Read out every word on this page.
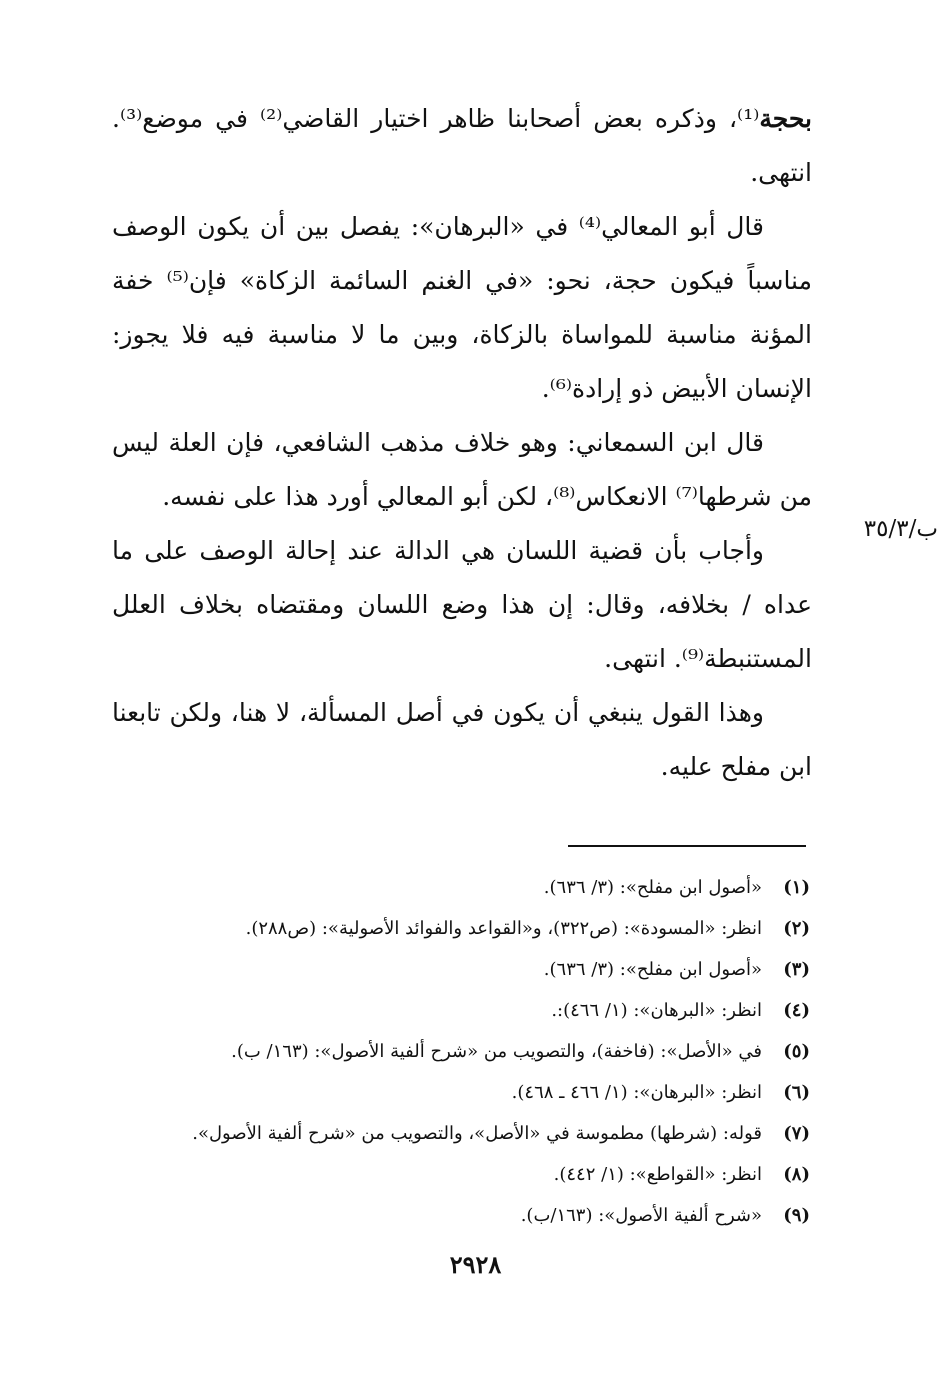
بحجة⁽¹⁾، وذكره بعض أصحابنا ظاهر اختيار القاضي⁽²⁾ في موضع⁽³⁾. انتهى.

قال أبو المعالي⁽⁴⁾ في «البرهان»: يفصل بين أن يكون الوصف مناسباً فيكون حجة، نحو: «في الغنم السائمة الزكاة» فإن⁽⁵⁾ خفة المؤنة مناسبة للمواساة بالزكاة، وبين ما لا مناسبة فيه فلا يجوز: الإنسان الأبيض ذو إرادة⁽⁶⁾.

قال ابن السمعاني: وهو خلاف مذهب الشافعي، فإن العلة ليس من شرطها⁽⁷⁾ الانعكاس⁽⁸⁾، لكن أبو المعالي أورد هذا على نفسه.

وأجاب بأن قضية اللسان هي الدالة عند إحالة الوصف على ما عداه / بخلافه، وقال: إن هذا وضع اللسان ومقتضاه بخلاف العلل المستنبطة⁽⁹⁾. انتهى.

وهذا القول ينبغي أن يكون في أصل المسألة، لا هنا، ولكن تابعنا ابن مفلح عليه.

ب/٣٥/٣
(١)
«أصول ابن مفلح»: (٣/ ٦٣٦).
(٢)
انظر: «المسودة»: (ص٣٢٢)، و«القواعد والفوائد الأصولية»: (ص٢٨٨).
(٣)
«أصول ابن مفلح»: (٣/ ٦٣٦).
(٤)
انظر: «البرهان»: (١/ ٤٦٦):.
(٥)
في «الأصل»: (فاخفة)، والتصويب من «شرح ألفية الأصول»: (١٦٣/ ب).
(٦)
انظر: «البرهان»: (١/ ٤٦٦ ـ ٤٦٨).
(٧)
قوله: (شرطها) مطموسة في «الأصل»، والتصويب من «شرح ألفية الأصول».
(٨)
انظر: «القواطع»: (١/ ٤٤٢).
(٩)
«شرح ألفية الأصول»: (١٦٣/ب).
٢٩٢٨
